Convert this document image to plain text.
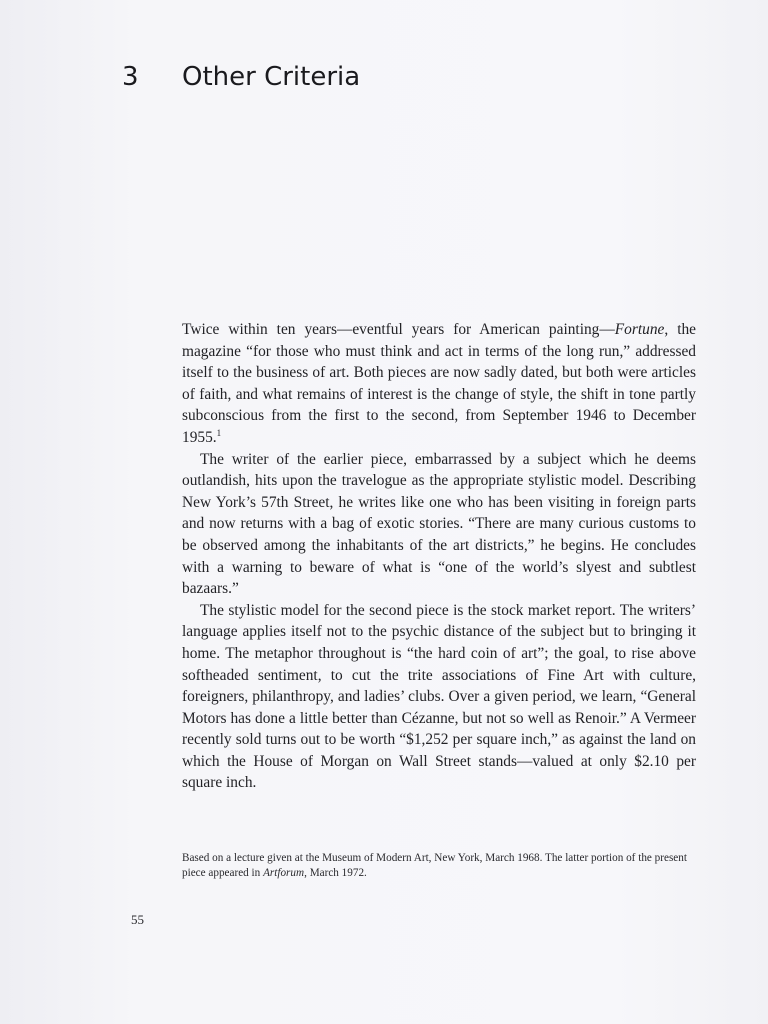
3 Other Criteria

Twice within ten years—eventful years for American painting—Fortune, the magazine “for those who must think and act in terms of the long run,” addressed itself to the business of art. Both pieces are now sadly dated, but both were articles of faith, and what remains of interest is the change of style, the shift in tone partly subconscious from the first to the second, from September 1946 to December 1955.$^1$

The writer of the earlier piece, embarrassed by a subject which he deems outlandish, hits upon the travelogue as the appropriate stylistic model. Describing New York’s 57th Street, he writes like one who has been visiting in foreign parts and now returns with a bag of exotic stories. “There are many curious customs to be observed among the inhabitants of the art districts,” he begins. He concludes with a warning to beware of what is “one of the world’s slyest and subtlest bazaars.”

The stylistic model for the second piece is the stock market report. The writers’ language applies itself not to the psychic distance of the subject but to bringing it home. The metaphor throughout is “the hard coin of art”; the goal, to rise above softheaded sentiment, to cut the trite associations of Fine Art with culture, foreigners, philanthropy, and ladies’ clubs. Over a given period, we learn, “General Motors has done a little better than Cézanne, but not so well as Renoir.” A Vermeer recently sold turns out to be worth “$1,252 per square inch,” as against the land on which the House of Morgan on Wall Street stands—valued at only $2.10 per square inch.

Based on a lecture given at the Museum of Modern Art, New York, March 1968. The latter portion of the present piece appeared in Artforum, March 1972.
55
